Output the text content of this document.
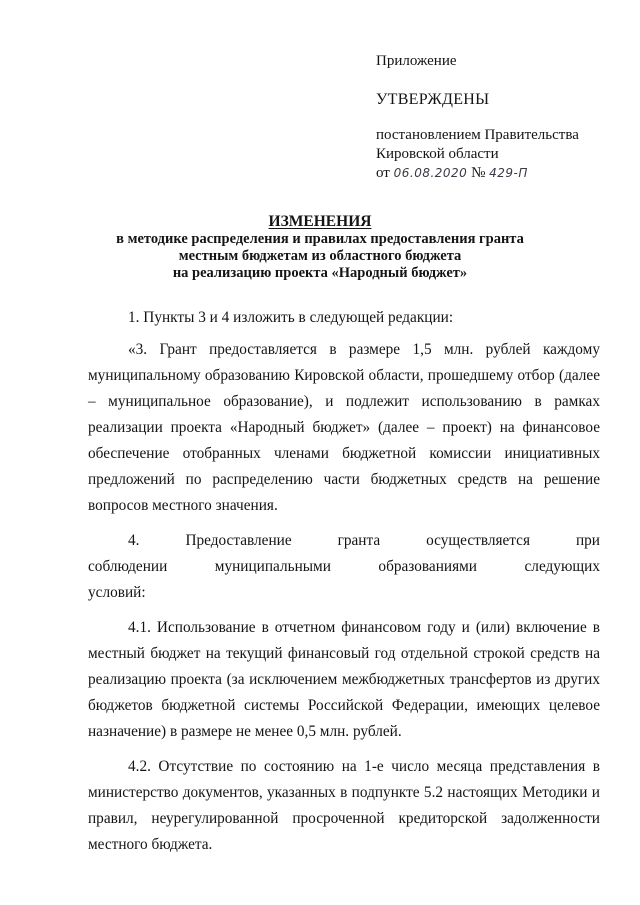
Приложение
УТВЕРЖДЕНЫ
постановлением Правительства
Кировской области
от 06.08.2020 № 429-П
ИЗМЕНЕНИЯ
в методике распределения и правилах предоставления гранта
местным бюджетам из областного бюджета
на реализацию проекта «Народный бюджет»

1. Пункты 3 и 4 изложить в следующей редакции:

«3. Грант предоставляется в размере 1,5 млн. рублей каждому муниципальному образованию Кировской области, прошедшему отбор (далее – муниципальное образование), и подлежит использованию в рамках реализации проекта «Народный бюджет» (далее – проект) на финансовое обеспечение отобранных членами бюджетной комиссии инициативных предложений по распределению части бюджетных средств на решение вопросов местного значения.

4. Предоставление гранта осуществляется при соблюдении муниципальными образованиями следующих условий:

4.1. Использование в отчетном финансовом году и (или) включение в местный бюджет на текущий финансовый год отдельной строкой средств на реализацию проекта (за исключением межбюджетных трансфертов из других бюджетов бюджетной системы Российской Федерации, имеющих целевое назначение) в размере не менее 0,5 млн. рублей.

4.2. Отсутствие по состоянию на 1-е число месяца представления в министерство документов, указанных в подпункте 5.2 настоящих Методики и правил, неурегулированной просроченной кредиторской задолженности местного бюджета.
